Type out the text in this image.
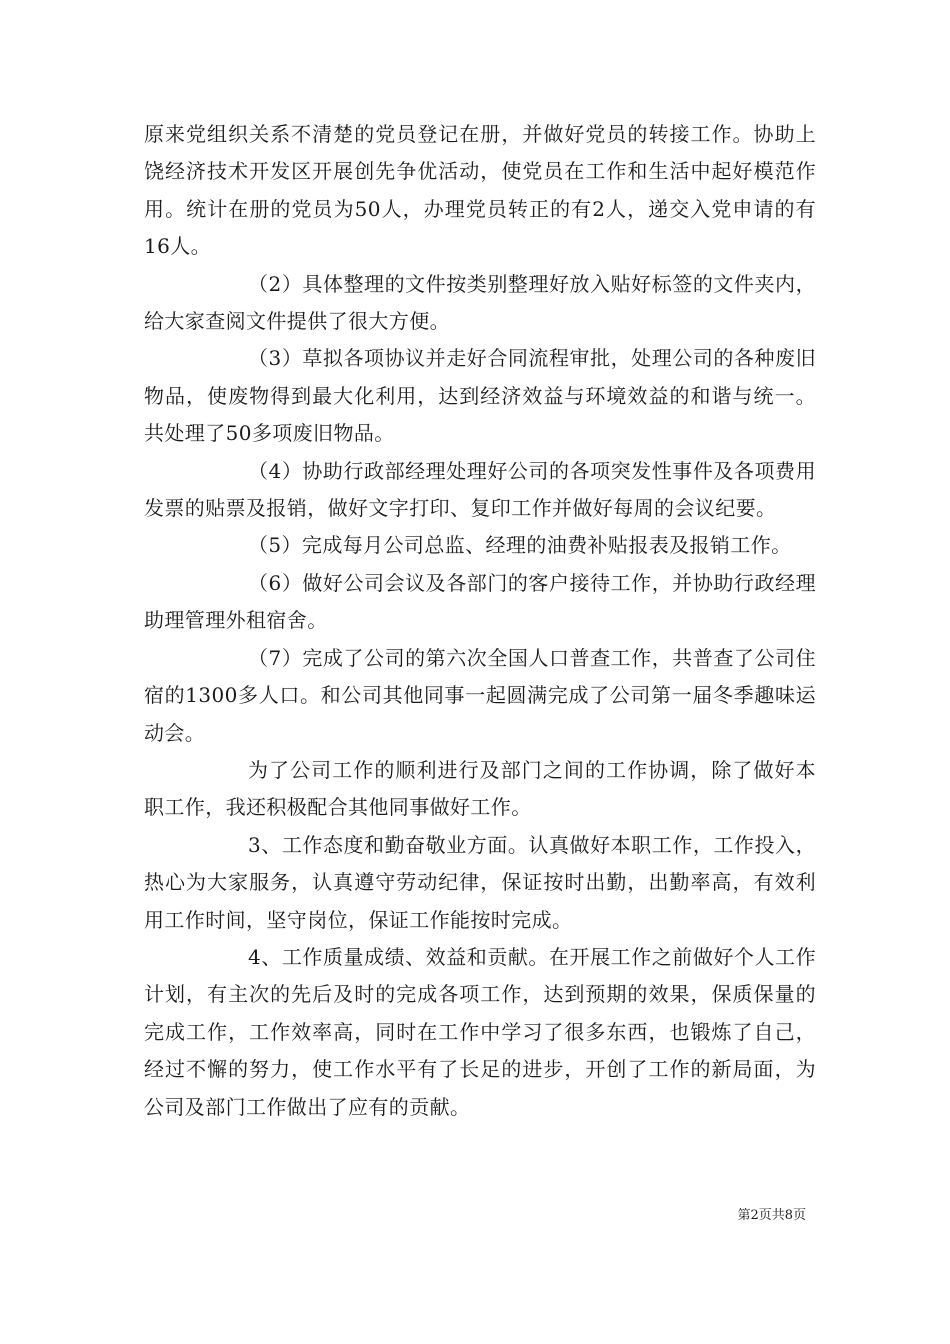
原来党组织关系不清楚的党员登记在册，并做好党员的转接工作。协助上饶经济技术开发区开展创先争优活动，使党员在工作和生活中起好模范作用。统计在册的党员为50人，办理党员转正的有2人，递交入党申请的有16人。

（2）具体整理的文件按类别整理好放入贴好标签的文件夹内，给大家查阅文件提供了很大方便。

（3）草拟各项协议并走好合同流程审批，处理公司的各种废旧物品，使废物得到最大化利用，达到经济效益与环境效益的和谐与统一。共处理了50多项废旧物品。

（4）协助行政部经理处理好公司的各项突发性事件及各项费用发票的贴票及报销，做好文字打印、复印工作并做好每周的会议纪要。

（5）完成每月公司总监、经理的油费补贴报表及报销工作。

（6）做好公司会议及各部门的客户接待工作，并协助行政经理助理管理外租宿舍。

（7）完成了公司的第六次全国人口普查工作，共普查了公司住宿的1300多人口。和公司其他同事一起圆满完成了公司第一届冬季趣味运动会。

为了公司工作的顺利进行及部门之间的工作协调，除了做好本职工作，我还积极配合其他同事做好工作。

3、工作态度和勤奋敬业方面。认真做好本职工作，工作投入，热心为大家服务，认真遵守劳动纪律，保证按时出勤，出勤率高，有效利用工作时间，坚守岗位，保证工作能按时完成。

4、工作质量成绩、效益和贡献。在开展工作之前做好个人工作计划，有主次的先后及时的完成各项工作，达到预期的效果，保质保量的完成工作，工作效率高，同时在工作中学习了很多东西，也锻炼了自己，经过不懈的努力，使工作水平有了长足的进步，开创了工作的新局面，为公司及部门工作做出了应有的贡献。

第2页共8页
